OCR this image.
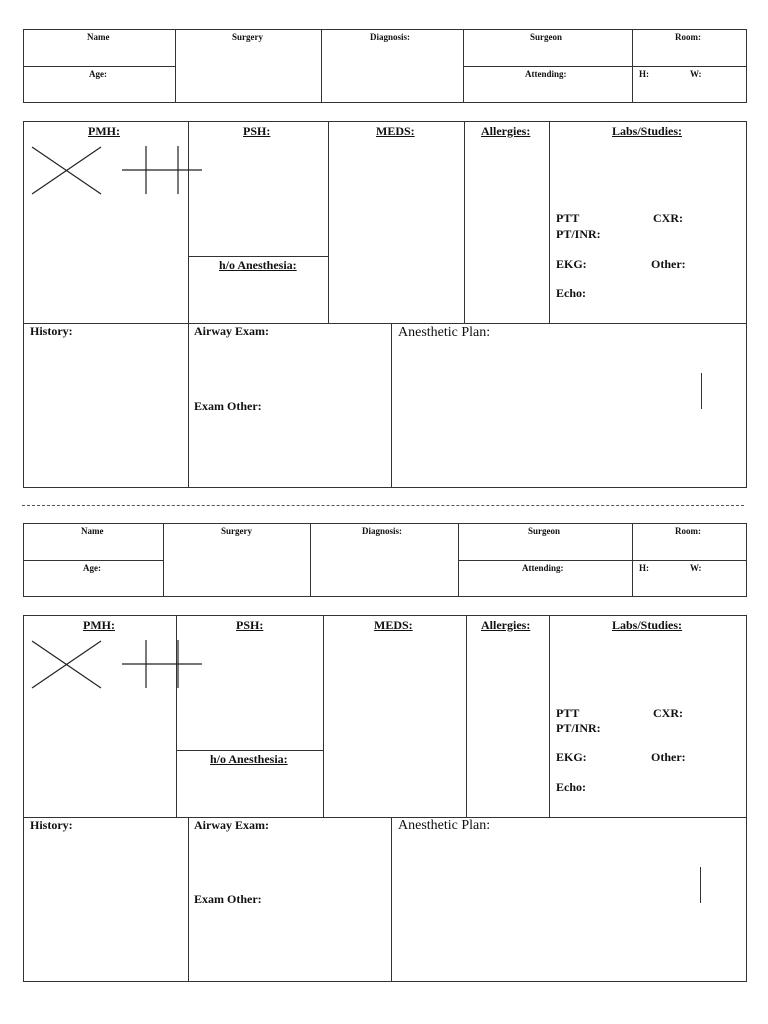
Name	Surgery	Diagnosis:	Surgeon	Room:
Age:	Attending:	H:	W:
PMH:	PSH:	MEDS:	Allergies:	Labs/Studies:
h/o Anesthesia:
PTT	CXR:
PT/INR:
EKG:	Other:
Echo:
History:	Airway Exam:
Exam Other:
Anesthetic Plan:
Name	Surgery	Diagnosis:	Surgeon	Room:
Age:	Attending:	H:	W:
PMH:	PSH:	MEDS:	Allergies:	Labs/Studies:
h/o Anesthesia:
PTT	CXR:
PT/INR:
EKG:	Other:
Echo:
History:	Airway Exam:
Exam Other:
Anesthetic Plan:
